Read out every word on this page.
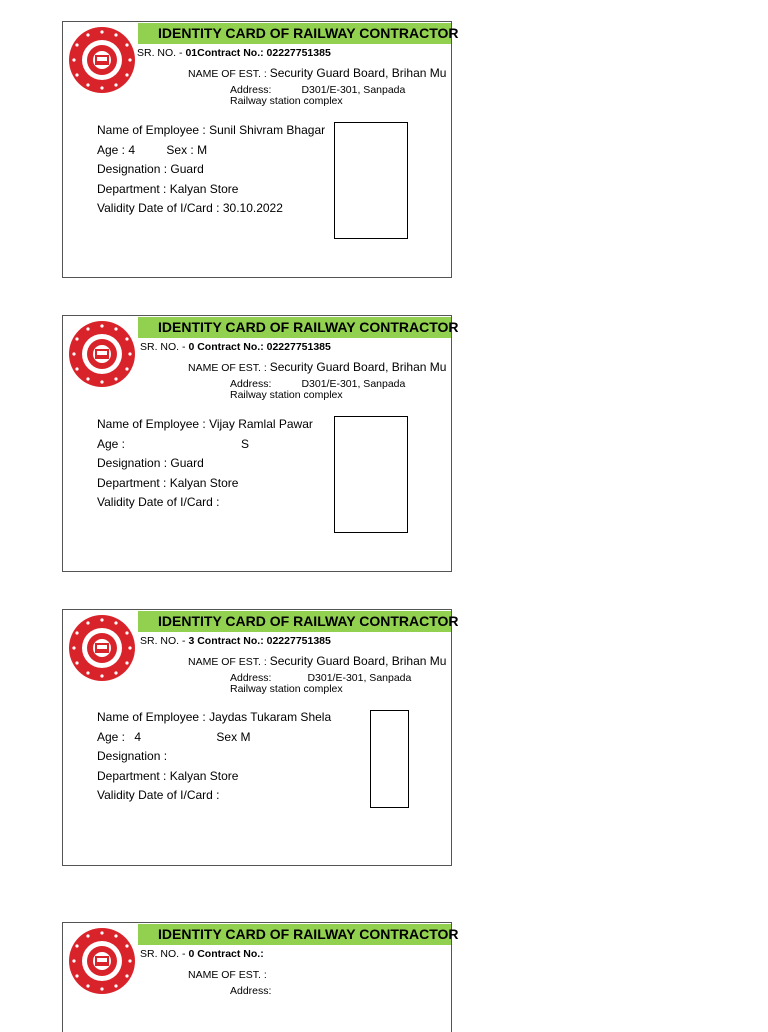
IDENTITY CARD OF RAILWAY CONTRACTOR
SR. NO. - 01Contract No.: 02227751385
NAME OF EST. : Security Guard Board, Brihan Mu
Address:	D301/E-301, Sanpada
Railway station complex
Name of Employee : Sunil Shivram Bhagar
Age : 4	Sex : M
Designation : Guard
Department : Kalyan Store
Validity Date of I/Card : 30.10.2022
IDENTITY CARD OF RAILWAY CONTRACTOR
SR. NO. - 0 Contract No.: 02227751385
NAME OF EST. : Security Guard Board, Brihan Mu
Address:	D301/E-301, Sanpada
Railway station complex
Name of Employee : Vijay Ramlal Pawar
Age :	S
Designation : Guard
Department : Kalyan Store
Validity Date of I/Card :
IDENTITY CARD OF RAILWAY CONTRACTOR
SR. NO. - 3 Contract No.: 02227751385
NAME OF EST. : Security Guard Board, Brihan Mu
Address:	D301/E-301, Sanpada
Railway station complex
Name of Employee : Jaydas Tukaram Shela
Age : 4	Sex M
Designation :
Department : Kalyan Store
Validity Date of I/Card :
IDENTITY CARD OF RAILWAY CONTRACTOR
SR. NO. - 0 Contract No.:
NAME OF EST. :
Address:
